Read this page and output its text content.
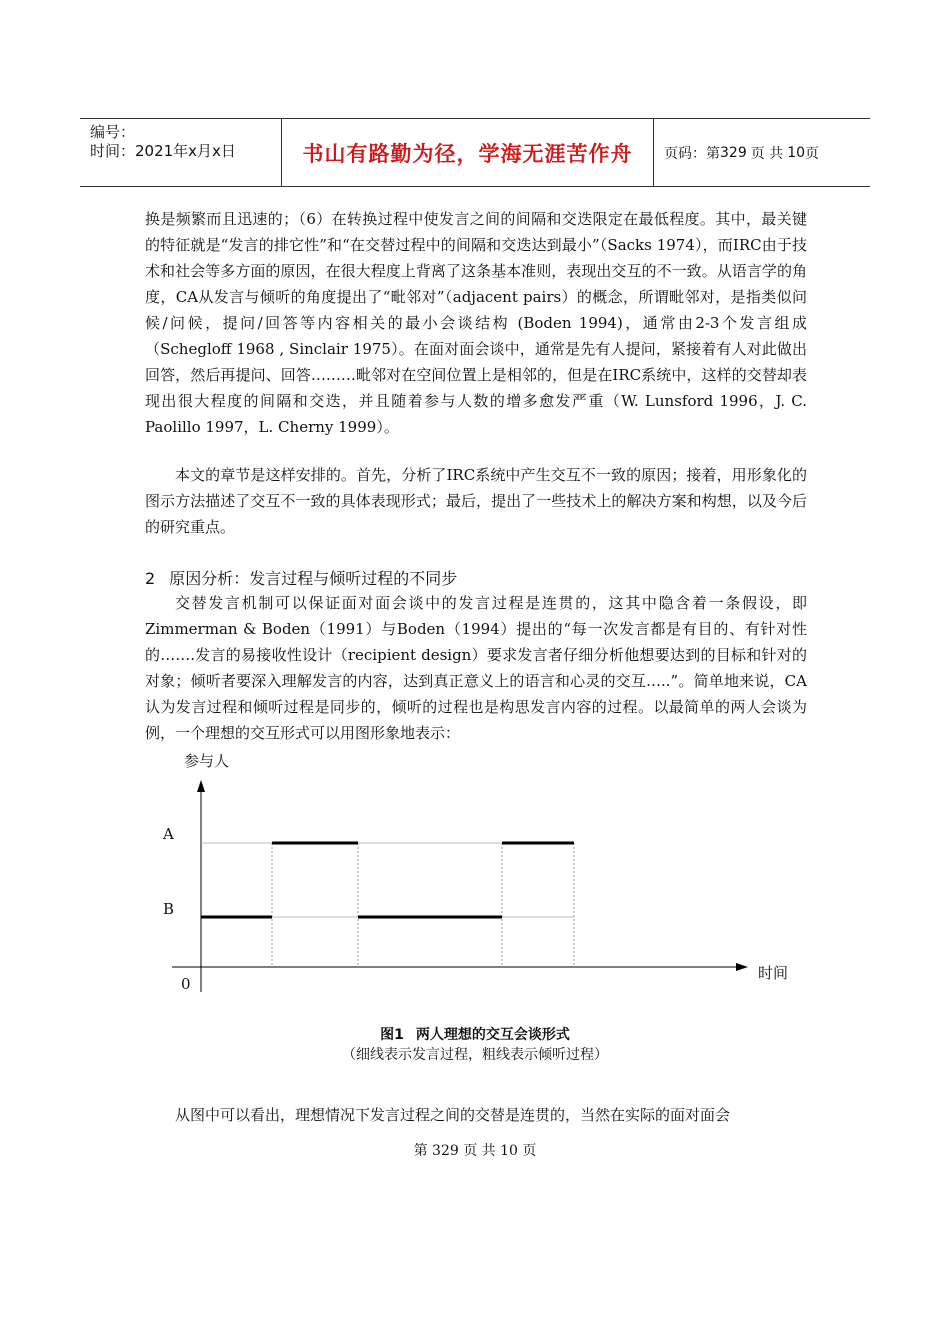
编号：
时间：2021年x月x日	书山有路勤为径，学海无涯苦作舟	页码：第 329 页 共 10 页

换是频繁而且迅速的；（6）在转换过程中使发言之间的间隔和交迭限定在最低程度。其中，最关键的特征就是“发言的排它性”和“在交替过程中的间隔和交迭达到最小”（Sacks 1974），而IRC由于技术和社会等多方面的原因，在很大程度上背离了这条基本准则，表现出交互的不一致。从语言学的角度，CA从发言与倾听的角度提出了“毗邻对”（adjacent pairs）的概念，所谓毗邻对，是指类似问候/问候，提问/回答等内容相关的最小会谈结构 (Boden 1994)，通常由2-3个发言组成（Schegloff 1968 , Sinclair 1975）。在面对面会谈中，通常是先有人提问，紧接着有人对此做出回答，然后再提问、回答………毗邻对在空间位置上是相邻的，但是在IRC系统中，这样的交替却表现出很大程度的间隔和交迭，并且随着参与人数的增多愈发严重（W. Lunsford 1996，J. C. Paolillo 1997，L. Cherny 1999）。

本文的章节是这样安排的。首先，分析了IRC系统中产生交互不一致的原因；接着，用形象化的图示方法描述了交互不一致的具体表现形式；最后，提出了一些技术上的解决方案和构想，以及今后的研究重点。

2 原因分析：发言过程与倾听过程的不同步

交替发言机制可以保证面对面会谈中的发言过程是连贯的，这其中隐含着一条假设，即Zimmerman & Boden（1991）与Boden（1994）提出的“每一次发言都是有目的、有针对性的…….发言的易接收性设计（recipient design）要求发言者仔细分析他想要达到的目标和针对的对象；倾听者要深入理解发言的内容，达到真正意义上的语言和心灵的交互…..”。简单地来说，CA认为发言过程和倾听过程是同步的，倾听的过程也是构思发言内容的过程。以最简单的两人会谈为例，一个理想的交互形式可以用图形象地表示：

参与人
A
B
0
时间
图1 两人理想的交互会谈形式
（细线表示发言过程，粗线表示倾听过程）

从图中可以看出，理想情况下发言过程之间的交替是连贯的，当然在实际的面对面会

第 329 页 共 10 页
